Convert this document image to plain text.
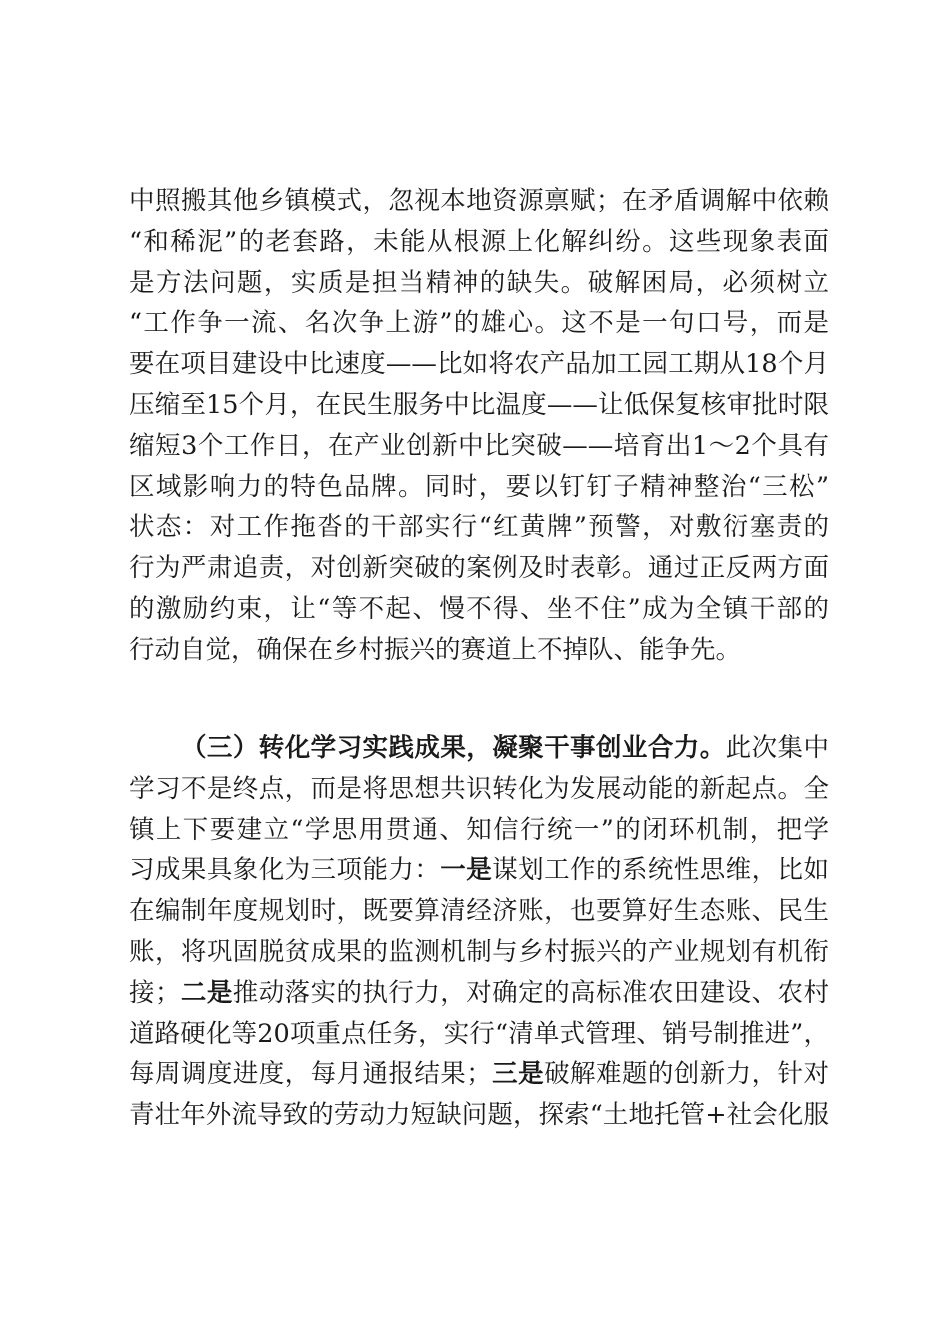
中照搬其他乡镇模式，忽视本地资源禀赋；在矛盾调解中依赖
“和稀泥”的老套路，未能从根源上化解纠纷。这些现象表面
是方法问题，实质是担当精神的缺失。破解困局，必须树立
“工作争一流、名次争上游”的雄心。这不是一句口号，而是
要在项目建设中比速度——比如将农产品加工园工期从18个月
压缩至15个月，在民生服务中比温度——让低保复核审批时限
缩短3个工作日，在产业创新中比突破——培育出1～2个具有
区域影响力的特色品牌。同时，要以钉钉子精神整治“三松”
状态：对工作拖沓的干部实行“红黄牌”预警，对敷衍塞责的
行为严肃追责，对创新突破的案例及时表彰。通过正反两方面
的激励约束，让“等不起、慢不得、坐不住”成为全镇干部的
行动自觉，确保在乡村振兴的赛道上不掉队、能争先。
（三）转化学习实践成果，凝聚干事创业合力。此次集中
学习不是终点，而是将思想共识转化为发展动能的新起点。全
镇上下要建立“学思用贯通、知信行统一”的闭环机制，把学
习成果具象化为三项能力：一是谋划工作的系统性思维，比如
在编制年度规划时，既要算清经济账，也要算好生态账、民生
账，将巩固脱贫成果的监测机制与乡村振兴的产业规划有机衔
接；二是推动落实的执行力，对确定的高标准农田建设、农村
道路硬化等20项重点任务，实行“清单式管理、销号制推进”，
每周调度进度，每月通报结果；三是破解难题的创新力，针对
青壮年外流导致的劳动力短缺问题，探索“土地托管+社会化服
